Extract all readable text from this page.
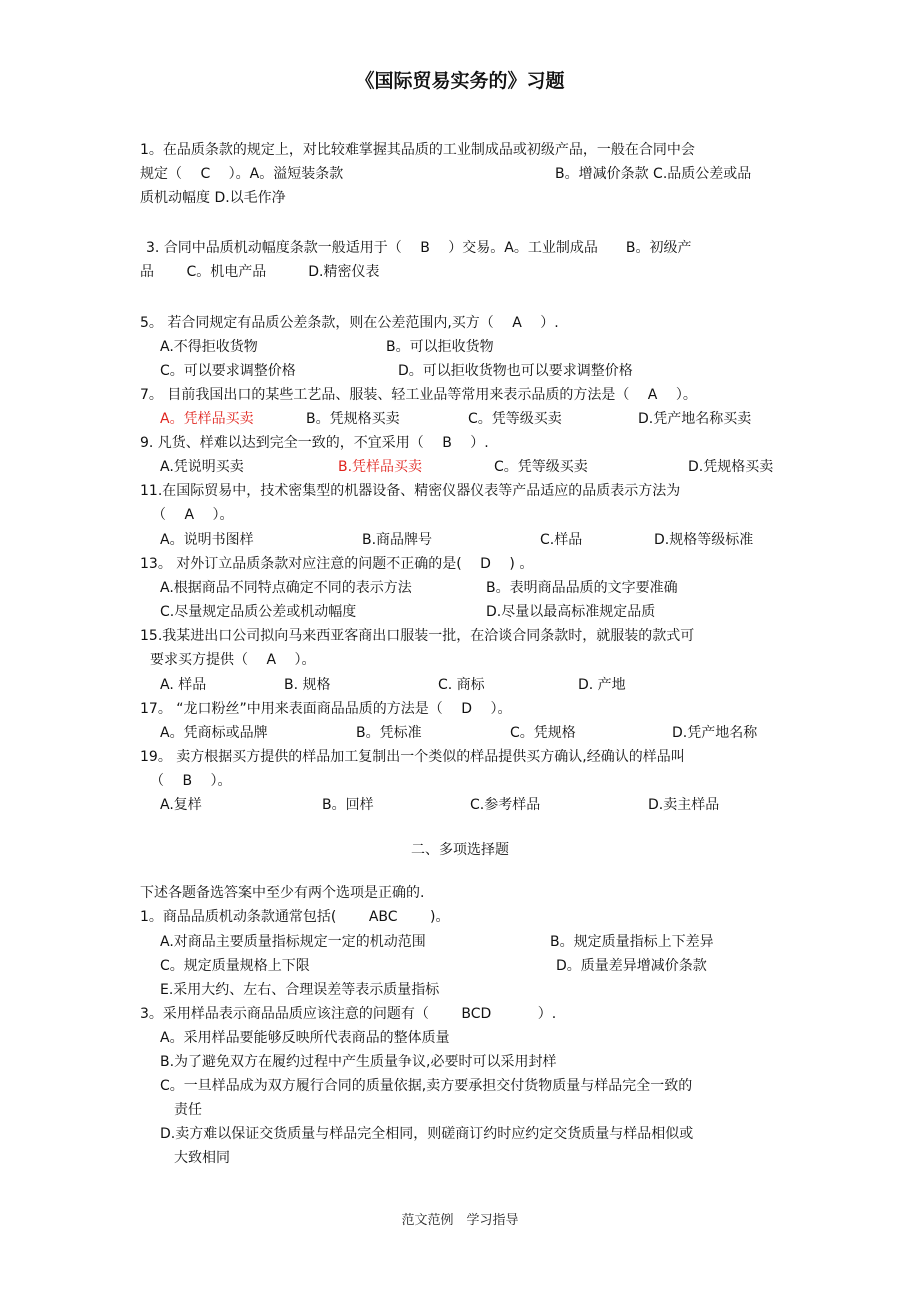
《国际贸易实务的》习题
1。在品质条款的规定上，对比较难掌握其品质的工业制成品或初级产品，一般在合同中会
规定（　 C 　）。A。溢短装条款	B。增减价条款 C.品质公差或品
质机动幅度 D.以毛作净
3. 合同中品质机动幅度条款一般适用于（　 B 　）交易。A。工业制成品　　B。初级产
品　　 C。机电产品　　　D.精密仪表
5。 若合同规定有品质公差条款，则在公差范围内,买方（　 A 　）.
A.不得拒收货物	B。可以拒收货物
C。可以要求调整价格	D。可以拒收货物也可以要求调整价格
7。 目前我国出口的某些工艺品、服装、轻工业品等常用来表示品质的方法是（　 A 　）。
A。凭样品买卖	B。凭规格买卖	C。凭等级买卖	D.凭产地名称买卖
9. 凡货、样难以达到完全一致的，不宜采用（　 B 　）.
A.凭说明买卖	B.凭样品买卖	C。凭等级买卖	D.凭规格买卖
11.在国际贸易中，技术密集型的机器设备、精密仪器仪表等产品适应的品质表示方法为
（　 A 　）。
A。说明书图样	B.商品牌号	C.样品	D.规格等级标准
13。 对外订立品质条款对应注意的问题不正确的是(　 D 　) 。
A.根据商品不同特点确定不同的表示方法	B。表明商品品质的文字要准确
C.尽量规定品质公差或机动幅度	D.尽量以最高标准规定品质
15.我某进出口公司拟向马来西亚客商出口服装一批，在洽谈合同条款时，就服装的款式可
要求买方提供（　 A 　）。
A. 样品	B. 规格	C. 商标	D. 产地
17。 “龙口粉丝”中用来表面商品品质的方法是（　 D 　）。
A。凭商标或品牌	B。凭标准	C。凭规格	D.凭产地名称
19。 卖方根据买方提供的样品加工复制出一个类似的样品提供买方确认,经确认的样品叫
（　 B 　）。
A.复样	B。回样	C.参考样品	D.卖主样品
二、多项选择题
下述各题备选答案中至少有两个选项是正确的.
1。商品品质机动条款通常包括(　　 ABC 　　)。
A.对商品主要质量指标规定一定的机动范围	B。规定质量指标上下差异
C。规定质量规格上下限	D。质量差异增减价条款
E.采用大约、左右、合理误差等表示质量指标
3。采用样品表示商品品质应该注意的问题有（　　 BCD 　　　）.
A。采用样品要能够反映所代表商品的整体质量
B.为了避免双方在履约过程中产生质量争议,必要时可以采用封样
C。一旦样品成为双方履行合同的质量依据,卖方要承担交付货物质量与样品完全一致的
责任
D.卖方难以保证交货质量与样品完全相同，则磋商订约时应约定交货质量与样品相似或
大致相同
范文范例　学习指导
